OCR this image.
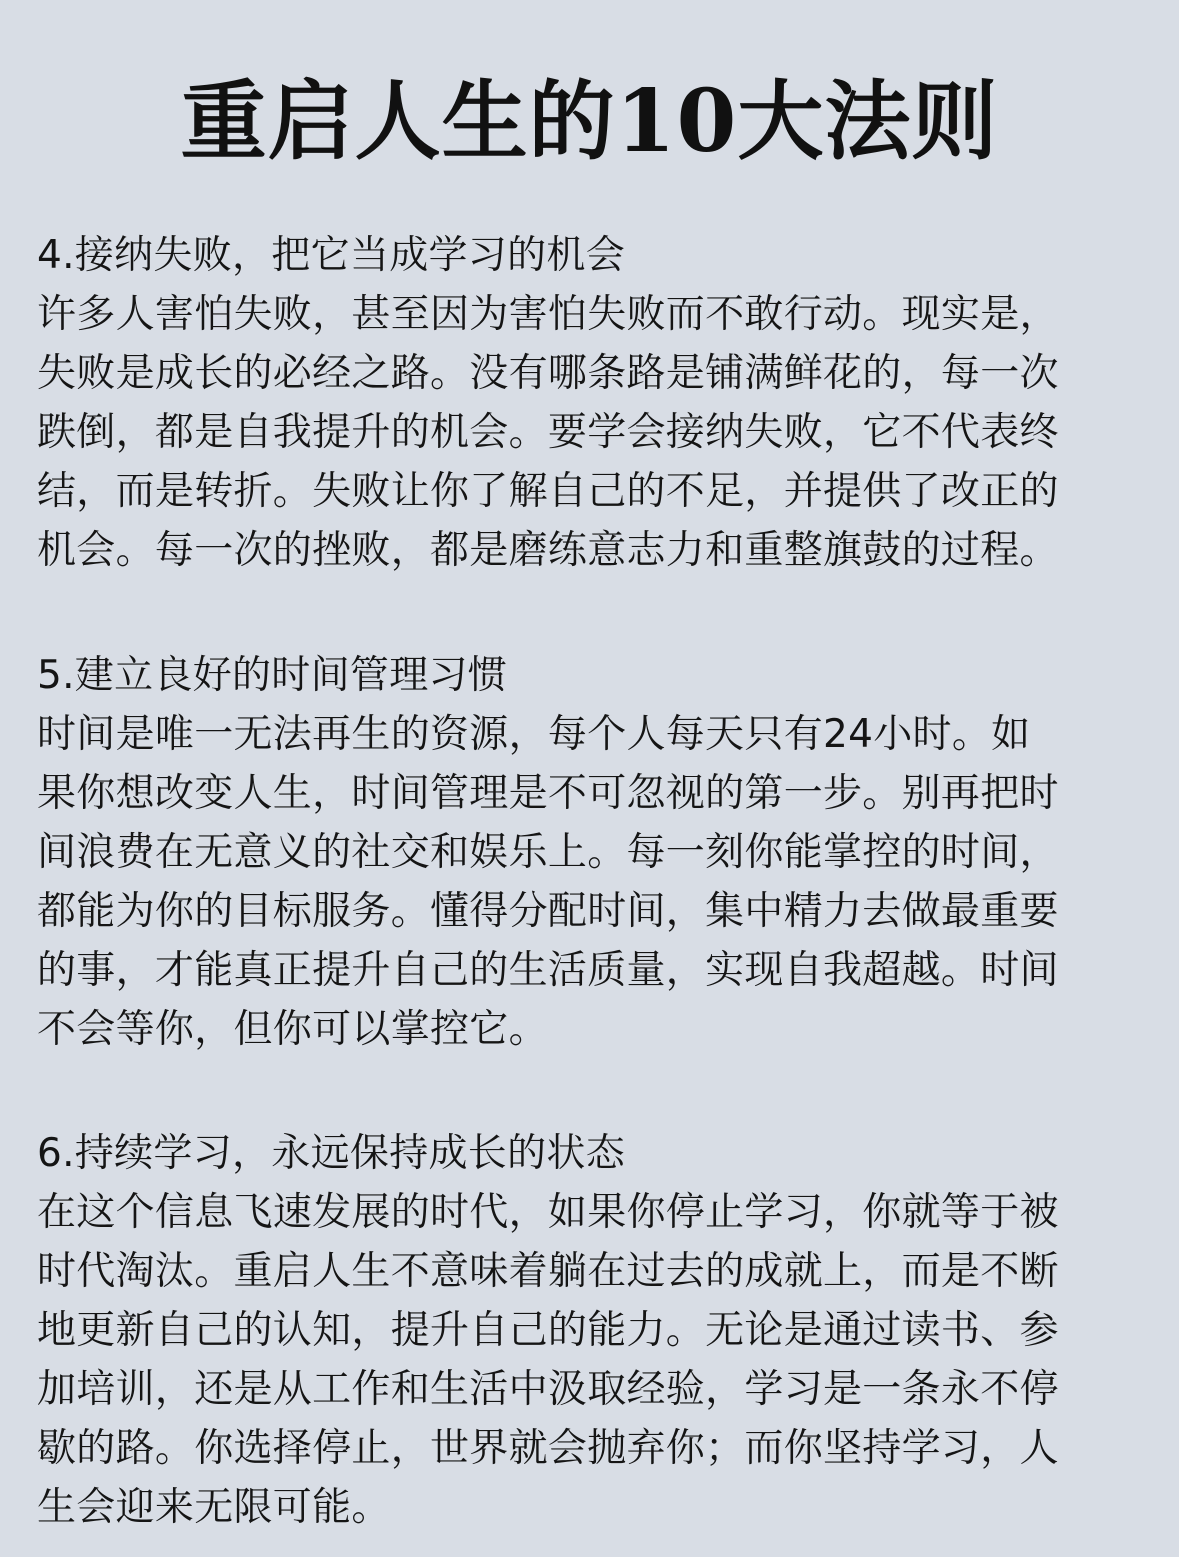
重启人生的10大法则
4.接纳失败，把它当成学习的机会
许多人害怕失败，甚至因为害怕失败而不敢行动。现实是，
失败是成长的必经之路。没有哪条路是铺满鲜花的，每一次
跌倒，都是自我提升的机会。要学会接纳失败，它不代表终
结，而是转折。失败让你了解自己的不足，并提供了改正的
机会。每一次的挫败，都是磨练意志力和重整旗鼓的过程。
5.建立良好的时间管理习惯
时间是唯一无法再生的资源，每个人每天只有24小时。如
果你想改变人生，时间管理是不可忽视的第一步。别再把时
间浪费在无意义的社交和娱乐上。每一刻你能掌控的时间，
都能为你的目标服务。懂得分配时间，集中精力去做最重要
的事，才能真正提升自己的生活质量，实现自我超越。时间
不会等你，但你可以掌控它。
6.持续学习，永远保持成长的状态
在这个信息飞速发展的时代，如果你停止学习，你就等于被
时代淘汰。重启人生不意味着躺在过去的成就上，而是不断
地更新自己的认知，提升自己的能力。无论是通过读书、参
加培训，还是从工作和生活中汲取经验，学习是一条永不停
歇的路。你选择停止，世界就会抛弃你；而你坚持学习，人
生会迎来无限可能。
